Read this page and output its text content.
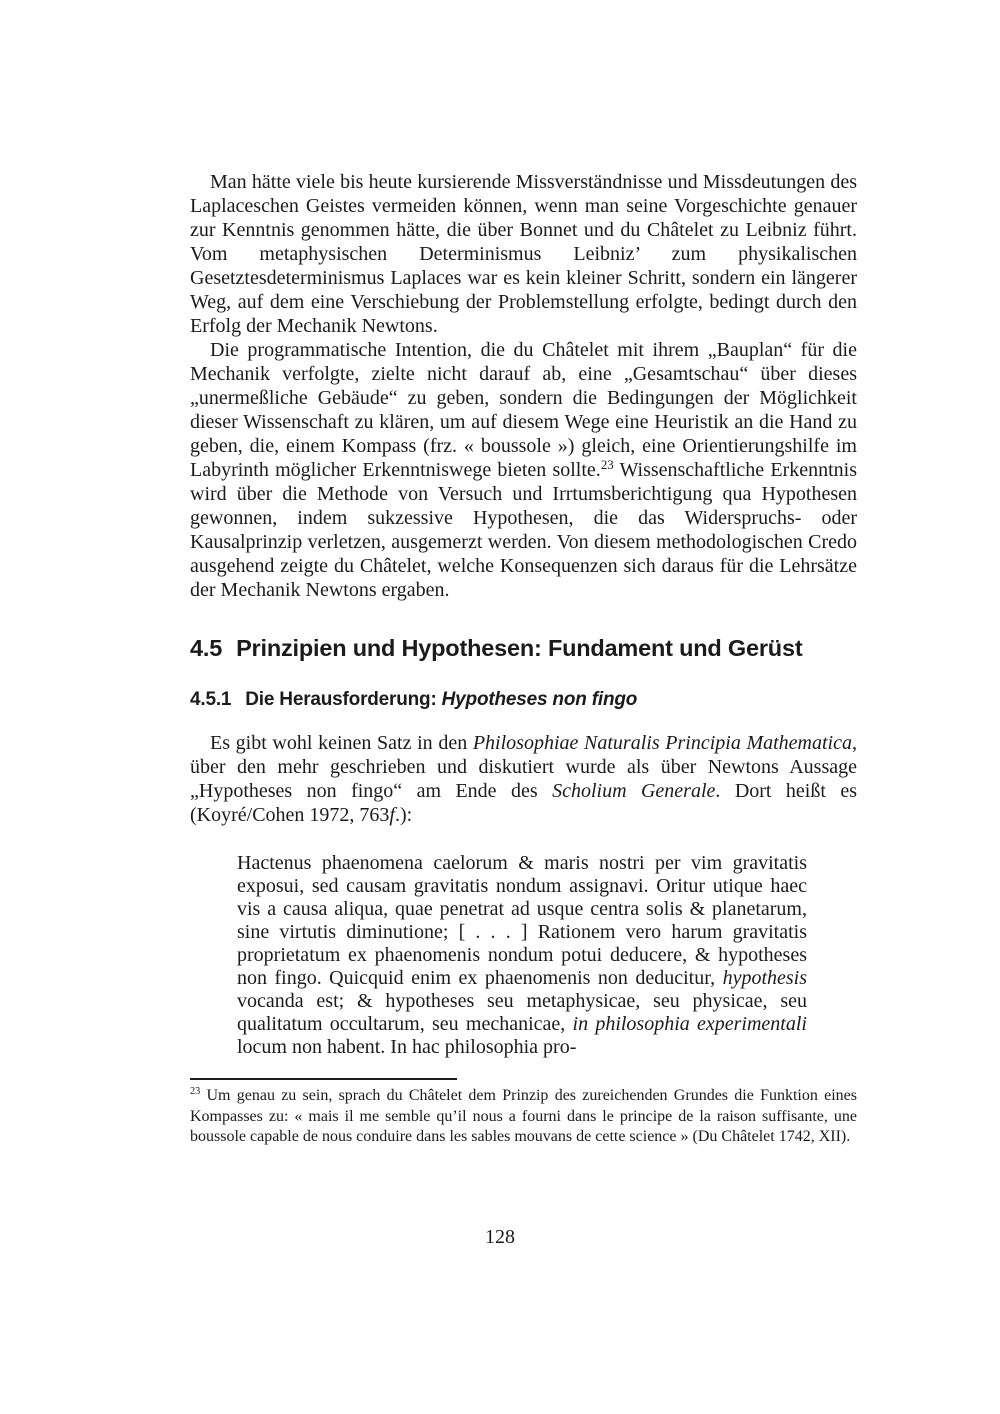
Man hätte viele bis heute kursierende Missverständnisse und Missdeutungen des Laplaceschen Geistes vermeiden können, wenn man seine Vorgeschichte genauer zur Kenntnis genommen hätte, die über Bonnet und du Châtelet zu Leibniz führt. Vom metaphysischen Determinismus Leibniz’ zum physikalischen Gesetztesdeterminismus Laplaces war es kein kleiner Schritt, sondern ein längerer Weg, auf dem eine Verschiebung der Problemstellung erfolgte, bedingt durch den Erfolg der Mechanik Newtons.

Die programmatische Intention, die du Châtelet mit ihrem „Bauplan“ für die Mechanik verfolgte, zielte nicht darauf ab, eine „Gesamtschau“ über dieses „unermeßliche Gebäude“ zu geben, sondern die Bedingungen der Möglichkeit dieser Wissenschaft zu klären, um auf diesem Wege eine Heuristik an die Hand zu geben, die, einem Kompass (frz. « boussole ») gleich, eine Orientierungshilfe im Labyrinth möglicher Erkenntniswege bieten sollte.$^{23}$ Wissenschaftliche Erkenntnis wird über die Methode von Versuch und Irrtumsberichtigung qua Hypothesen gewonnen, indem sukzessive Hypothesen, die das Widerspruchs- oder Kausalprinzip verletzen, ausgemerzt werden. Von diesem methodologischen Credo ausgehend zeigte du Châtelet, welche Konsequenzen sich daraus für die Lehrsätze der Mechanik Newtons ergaben.

4.5 Prinzipien und Hypothesen: Fundament und Gerüst
4.5.1 Die Herausforderung: Hypotheses non fingo

Es gibt wohl keinen Satz in den Philosophiae Naturalis Principia Mathematica, über den mehr geschrieben und diskutiert wurde als über Newtons Aussage „Hypotheses non fingo“ am Ende des Scholium Generale. Dort heißt es (Koyré/Cohen 1972, 763f.):

Hactenus phaenomena caelorum & maris nostri per vim gravitatis exposui, sed causam gravitatis nondum assignavi. Oritur utique haec vis a causa aliqua, quae penetrat ad usque centra solis & planetarum, sine virtutis diminutione; [ . . . ] Rationem vero harum gravitatis proprietatum ex phaenomenis nondum potui deducere, & hypotheses non fingo. Quicquid enim ex phaenomenis non deducitur, hypothesis vocanda est; & hypotheses seu metaphysicae, seu physicae, seu qualitatum occultarum, seu mechanicae, in philosophia experimentali locum non habent. In hac philosophia pro-

$^{23}$ Um genau zu sein, sprach du Châtelet dem Prinzip des zureichenden Grundes die Funktion eines Kompasses zu: « mais il me semble qu’il nous a fourni dans le principe de la raison suffisante, une boussole capable de nous conduire dans les sables mouvans de cette science » (Du Châtelet 1742, XII).

128
